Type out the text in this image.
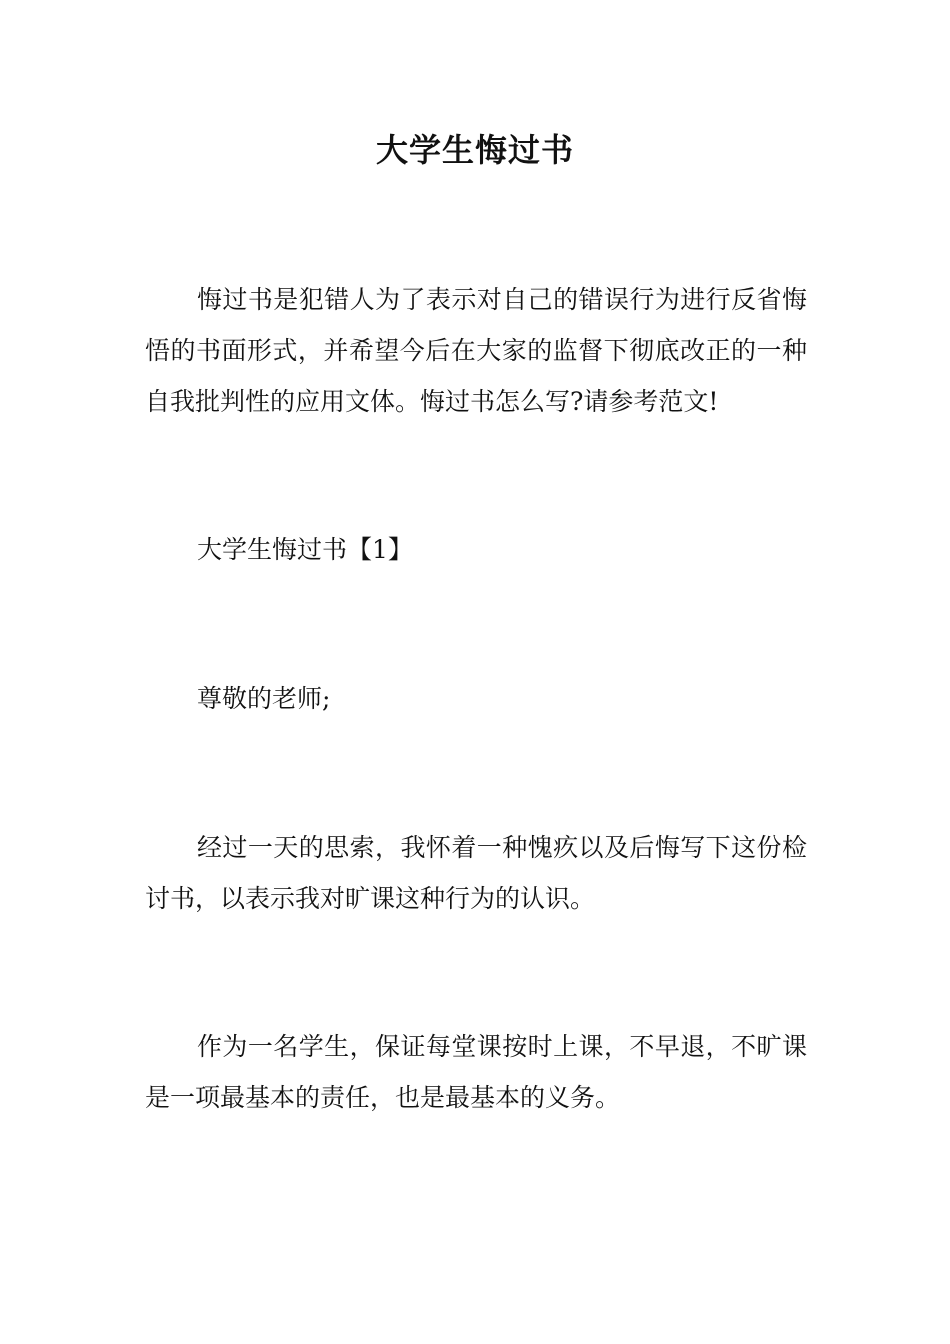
大学生悔过书

悔过书是犯错人为了表示对自己的错误行为进行反省悔悟的书面形式，并希望今后在大家的监督下彻底改正的一种自我批判性的应用文体。悔过书怎么写?请参考范文!

大学生悔过书【1】

尊敬的老师;

经过一天的思索，我怀着一种愧疚以及后悔写下这份检讨书，以表示我对旷课这种行为的认识。

作为一名学生，保证每堂课按时上课，不早退，不旷课是一项最基本的责任，也是最基本的义务。
